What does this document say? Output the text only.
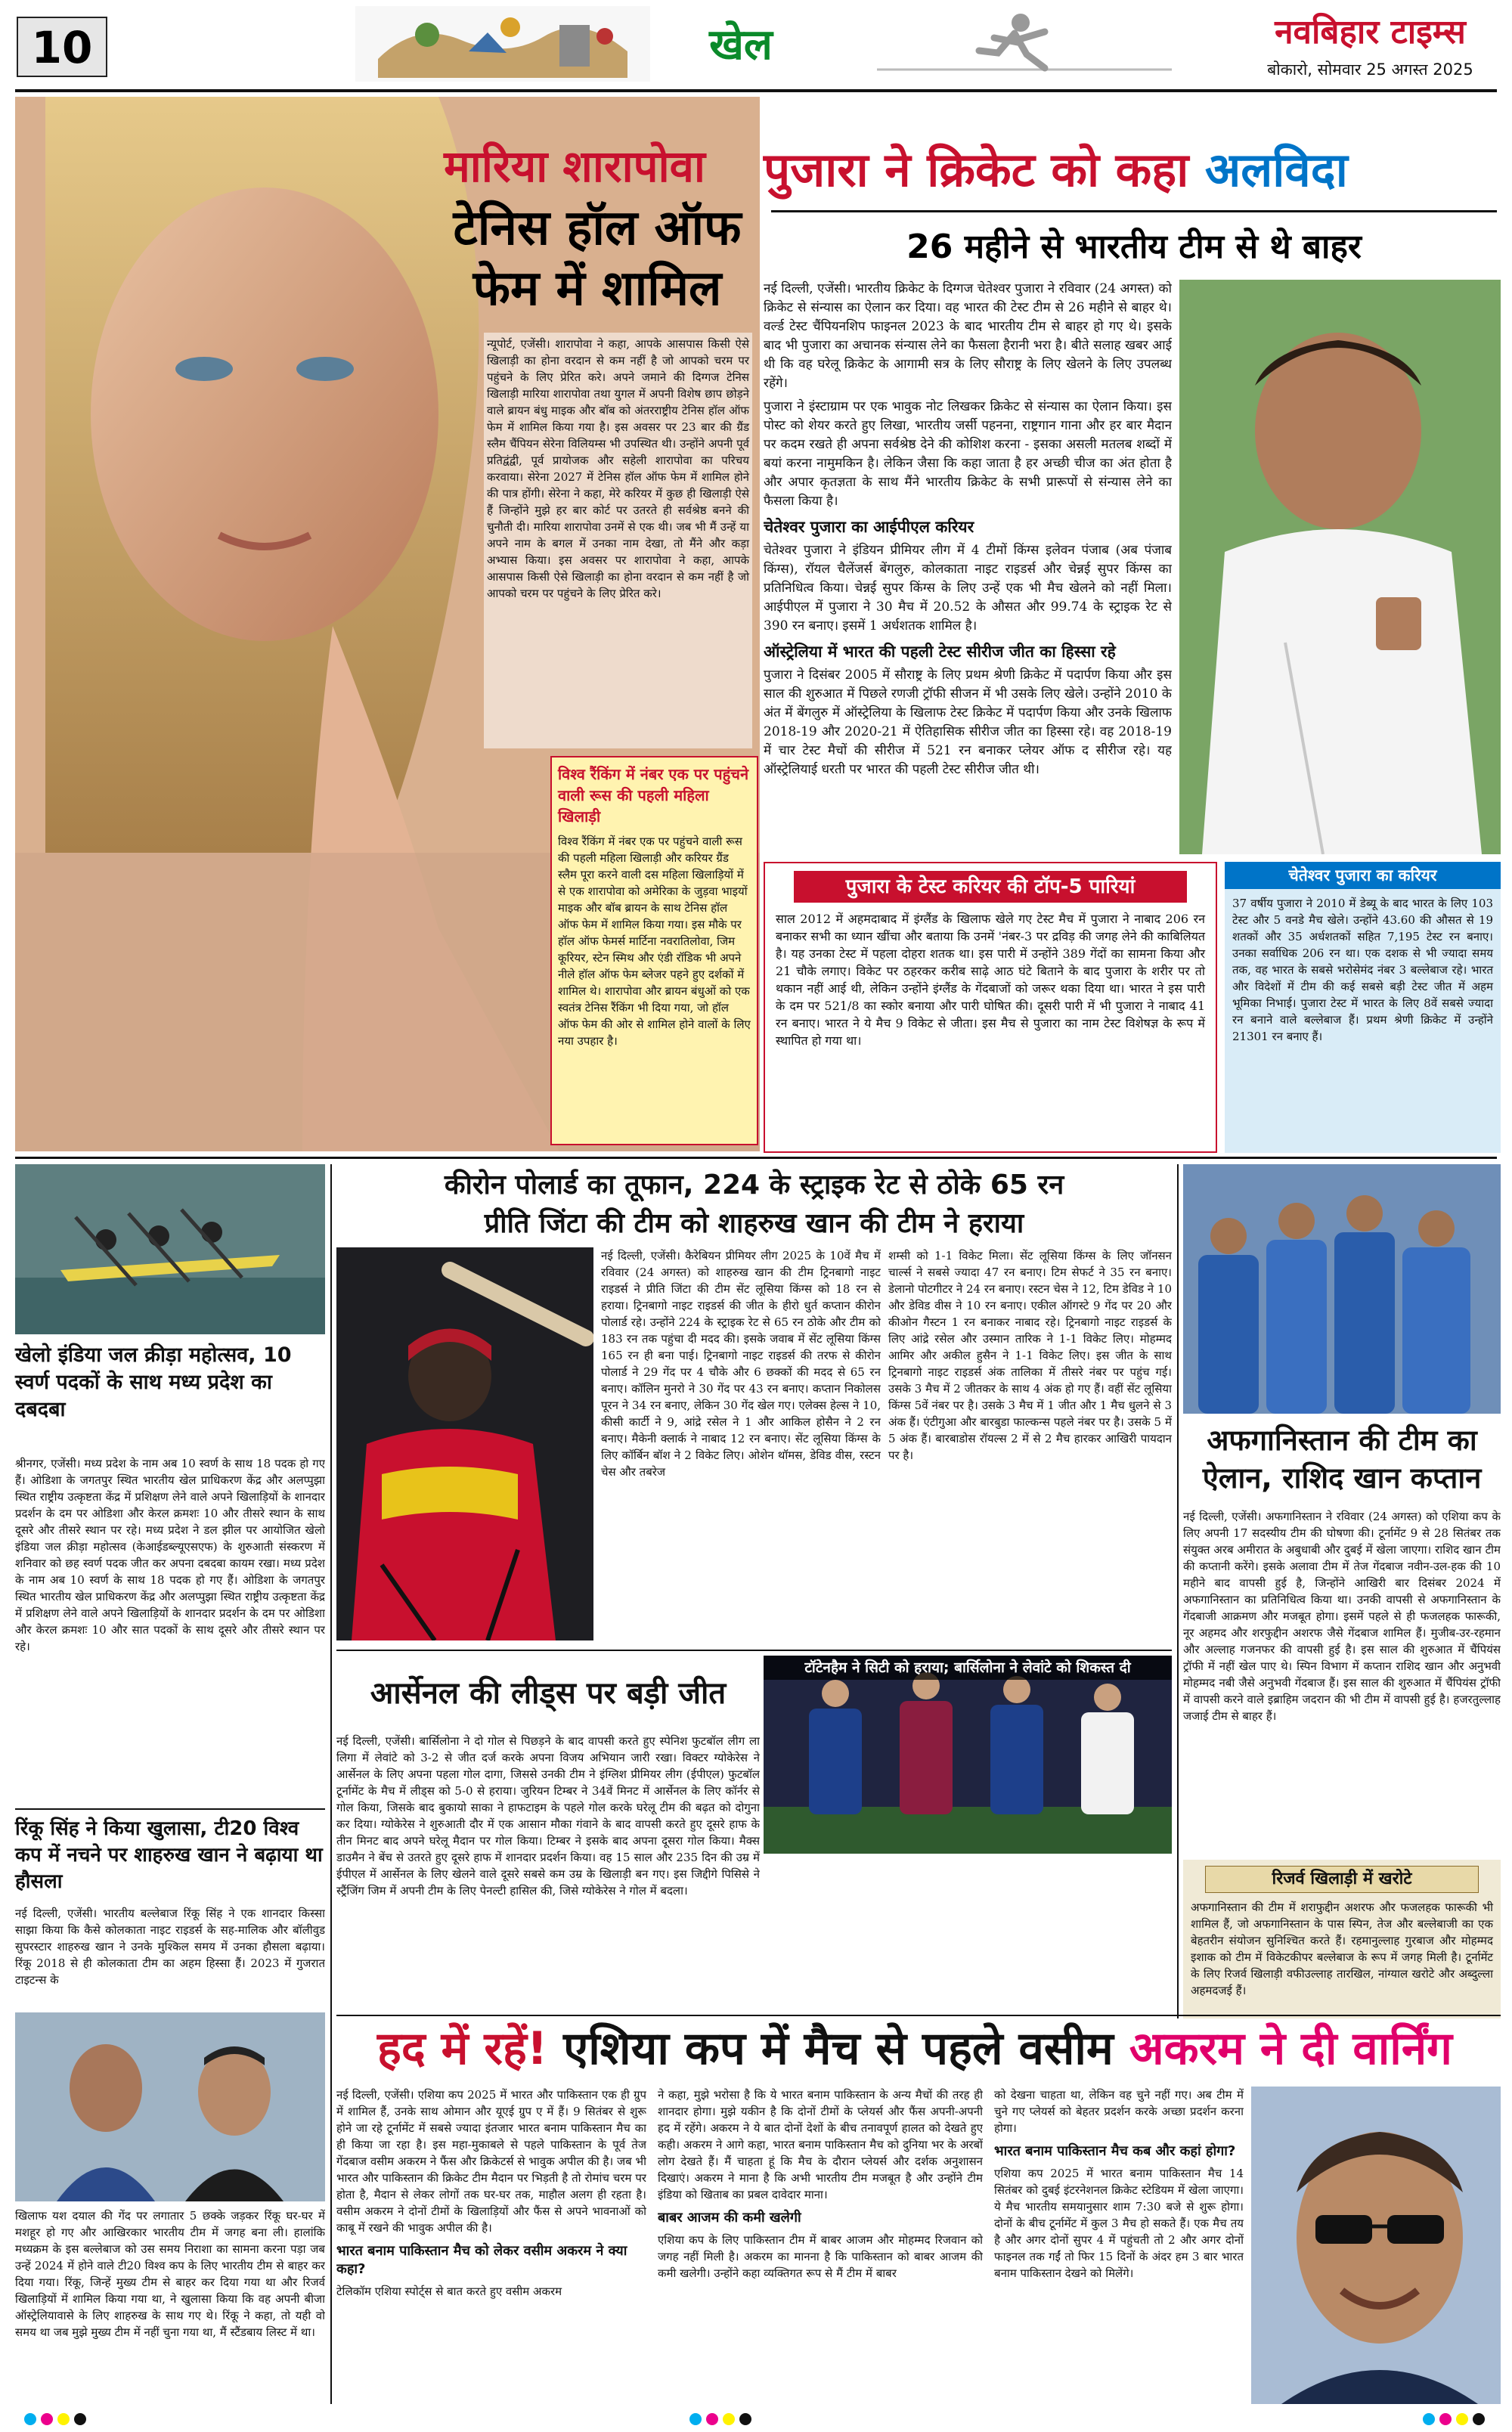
10	खेल	नवबिहार टाइम्स
बोकारो, सोमवार 25 अगस्त 2025
मारिया शारापोवा
टेनिस हॉल ऑफ फेम में शामिल

न्यूपोर्ट, एजेंसी। शारापोवा ने कहा, आपके आसपास किसी ऐसे खिलाड़ी का होना वरदान से कम नहीं है जो आपको चरम पर पहुंचने के लिए प्रेरित करे। अपने जमाने की दिग्गज टेनिस खिलाड़ी मारिया शारापोवा तथा युगल में अपनी विशेष छाप छोड़ने वाले ब्रायन बंधु माइक और बॉब को अंतरराष्ट्रीय टेनिस हॉल ऑफ फेम में शामिल किया गया है। इस अवसर पर 23 बार की ग्रैंड स्लैम चैंपियन सेरेना विलियम्स भी उपस्थित थी। उन्होंने अपनी पूर्व प्रतिद्वंद्वी, पूर्व प्रायोजक और सहेली शारापोवा का परिचय करवाया। सेरेना 2027 में टेनिस हॉल ऑफ फेम में शामिल होने की पात्र होंगी। सेरेना ने कहा, मेरे करियर में कुछ ही खिलाड़ी ऐसे हैं जिन्होंने मुझे हर बार कोर्ट पर उतरते ही सर्वश्रेष्ठ बनने की चुनौती दी। मारिया शारापोवा उनमें से एक थी। जब भी मैं उन्हें या अपने नाम के बगल में उनका नाम देखा, तो मैंने और कड़ा अभ्यास किया। इस अवसर पर शारापोवा ने कहा, आपके आसपास किसी ऐसे खिलाड़ी का होना वरदान से कम नहीं है जो आपको चरम पर पहुंचने के लिए प्रेरित करे।

विश्व रैंकिंग में नंबर एक पर पहुंचने वाली रूस की पहली महिला खिलाड़ी
विश्व रैंकिंग में नंबर एक पर पहुंचने वाली रूस की पहली महिला खिलाड़ी और करियर ग्रैंड स्लैम पूरा करने वाली दस महिला खिलाड़ियों में से एक शारापोवा को अमेरिका के जुड़वा भाइयों माइक और बॉब ब्रायन के साथ टेनिस हॉल ऑफ फेम में शामिल किया गया। इस मौके पर हॉल ऑफ फेमर्स मार्टिना नवरातिलोवा, जिम कूरियर, स्टेन स्मिथ और एंडी रॉडिक भी अपने नीले हॉल ऑफ फेम ब्लेजर पहने हुए दर्शकों में शामिल थे। शारापोवा और ब्रायन बंधुओं को एक स्वतंत्र टेनिस रैंकिंग भी दिया गया, जो हॉल ऑफ फेम की ओर से शामिल होने वालों के लिए नया उपहार है।
पुजारा ने क्रिकेट को कहा अलविदा
26 महीने से भारतीय टीम से थे बाहर

नई दिल्ली, एजेंसी। भारतीय क्रिकेट के दिग्गज चेतेश्वर पुजारा ने रविवार (24 अगस्त) को क्रिकेट से संन्यास का ऐलान कर दिया। वह भारत की टेस्ट टीम से 26 महीने से बाहर थे। वर्ल्ड टेस्ट चैंपियनशिप फाइनल 2023 के बाद भारतीय टीम से बाहर हो गए थे। इसके बाद भी पुजारा का अचानक संन्यास लेने का फैसला हैरानी भरा है। बीते सलाह खबर आई थी कि वह घरेलू क्रिकेट के आगामी सत्र के लिए सौराष्ट्र के लिए खेलने के लिए उपलब्ध रहेंगे।

पुजारा ने इंस्टाग्राम पर एक भावुक नोट लिखकर क्रिकेट से संन्यास का ऐलान किया। इस पोस्ट को शेयर करते हुए लिखा, भारतीय जर्सी पहनना, राष्ट्रगान गाना और हर बार मैदान पर कदम रखते ही अपना सर्वश्रेष्ठ देने की कोशिश करना - इसका असली मतलब शब्दों में बयां करना नामुमकिन है। लेकिन जैसा कि कहा जाता है हर अच्छी चीज का अंत होता है और अपार कृतज्ञता के साथ मैंने भारतीय क्रिकेट के सभी प्रारूपों से संन्यास लेने का फैसला किया है।

चेतेश्वर पुजारा का आईपीएल करियर

चेतेश्वर पुजारा ने इंडियन प्रीमियर लीग में 4 टीमों किंग्स इलेवन पंजाब (अब पंजाब किंग्स), रॉयल चैलेंजर्स बेंगलुरु, कोलकाता नाइट राइडर्स और चेन्नई सुपर किंग्स का प्रतिनिधित्व किया। चेन्नई सुपर किंग्स के लिए उन्हें एक भी मैच खेलने को नहीं मिला। आईपीएल में पुजारा ने 30 मैच में 20.52 के औसत और 99.74 के स्ट्राइक रेट से 390 रन बनाए। इसमें 1 अर्धशतक शामिल है।

ऑस्ट्रेलिया में भारत की पहली टेस्ट सीरीज जीत का हिस्सा रहे

पुजारा ने दिसंबर 2005 में सौराष्ट्र के लिए प्रथम श्रेणी क्रिकेट में पदार्पण किया और इस साल की शुरुआत में पिछले रणजी ट्रॉफी सीजन में भी उसके लिए खेले। उन्होंने 2010 के अंत में बेंगलुरु में ऑस्ट्रेलिया के खिलाफ टेस्ट क्रिकेट में पदार्पण किया और उनके खिलाफ 2018-19 और 2020-21 में ऐतिहासिक सीरीज जीत का हिस्सा रहे। वह 2018-19 में चार टेस्ट मैचों की सीरीज में 521 रन बनाकर प्लेयर ऑफ द सीरीज रहे। यह ऑस्ट्रेलियाई धरती पर भारत की पहली टेस्ट सीरीज जीत थी।

पुजारा के टेस्ट करियर की टॉप-5 पारियां

साल 2012 में अहमदाबाद में इंग्लैंड के खिलाफ खेले गए टेस्ट मैच में पुजारा ने नाबाद 206 रन बनाकर सभी का ध्यान खींचा और बताया कि उनमें 'नंबर-3 पर द्रविड़ की जगह लेने की काबिलियत है। यह उनका टेस्ट में पहला दोहरा शतक था। इस पारी में उन्होंने 389 गेंदों का सामना किया और 21 चौके लगाए। विकेट पर ठहरकर करीब साढ़े आठ घंटे बिताने के बाद पुजारा के शरीर पर तो थकान नहीं आई थी, लेकिन उन्होंने इंग्लैंड के गेंदबाजों को जरूर थका दिया था। भारत ने इस पारी के दम पर 521/8 का स्कोर बनाया और पारी घोषित की। दूसरी पारी में भी पुजारा ने नाबाद 41 रन बनाए। भारत ने ये मैच 9 विकेट से जीता। इस मैच से पुजारा का नाम टेस्ट विशेषज्ञ के रूप में स्थापित हो गया था।

चेतेश्वर पुजारा का करियर

37 वर्षीय पुजारा ने 2010 में डेब्यू के बाद भारत के लिए 103 टेस्ट और 5 वनडे मैच खेले। उन्होंने 43.60 की औसत से 19 शतकों और 35 अर्धशतकों सहित 7,195 टेस्ट रन बनाए। उनका सर्वाधिक 206 रन था। एक दशक से भी ज्यादा समय तक, वह भारत के सबसे भरोसेमंद नंबर 3 बल्लेबाज रहे। भारत और विदेशों में टीम की कई सबसे बड़ी टेस्ट जीत में अहम भूमिका निभाई। पुजारा टेस्ट में भारत के लिए 8वें सबसे ज्यादा रन बनाने वाले बल्लेबाज हैं। प्रथम श्रेणी क्रिकेट में उन्होंने 21301 रन बनाए हैं।

खेलो इंडिया जल क्रीड़ा महोत्सव, 10 स्वर्ण पदकों के साथ मध्य प्रदेश का दबदबा

श्रीनगर, एजेंसी। मध्य प्रदेश के नाम अब 10 स्वर्ण के साथ 18 पदक हो गए हैं। ओडिशा के जगतपुर स्थित भारतीय खेल प्राधिकरण केंद्र और अलप्पुझा स्थित राष्ट्रीय उत्कृष्टता केंद्र में प्रशिक्षण लेने वाले अपने खिलाड़ियों के शानदार प्रदर्शन के दम पर ओडिशा और केरल क्रमशः 10 और तीसरे स्थान के साथ दूसरे और तीसरे स्थान पर रहे। मध्य प्रदेश ने डल झील पर आयोजित खेलो इंडिया जल क्रीड़ा महोत्सव (केआईडब्ल्यूएसएफ) के शुरुआती संस्करण में शनिवार को छह स्वर्ण पदक जीत कर अपना दबदबा कायम रखा। मध्य प्रदेश के नाम अब 10 स्वर्ण के साथ 18 पदक हो गए हैं। ओडिशा के जगतपुर स्थित भारतीय खेल प्राधिकरण केंद्र और अलप्पुझा स्थित राष्ट्रीय उत्कृष्टता केंद्र में प्रशिक्षण लेने वाले अपने खिलाड़ियों के शानदार प्रदर्शन के दम पर ओडिशा और केरल क्रमशः 10 और सात पदकों के साथ दूसरे और तीसरे स्थान पर रहे।

रिंकू सिंह ने किया खुलासा, टी20 विश्व कप में नचने पर शाहरुख खान ने बढ़ाया था हौसला

नई दिल्ली, एजेंसी। भारतीय बल्लेबाज रिंकू सिंह ने एक शानदार किस्सा साझा किया कि कैसे कोलकाता नाइट राइडर्स के सह-मालिक और बॉलीवुड सुपरस्टार शाहरुख खान ने उनके मुश्किल समय में उनका हौसला बढ़ाया। रिंकू 2018 से ही कोलकाता टीम का अहम हिस्सा हैं। 2023 में गुजरात टाइटन्स के

खिलाफ यश दयाल की गेंद पर लगातार 5 छक्के जड़कर रिंकू घर-घर में मशहूर हो गए और आखिरकार भारतीय टीम में जगह बना ली। हालांकि मध्यक्रम के इस बल्लेबाज को उस समय निराशा का सामना करना पड़ा जब उन्हें 2024 में होने वाले टी20 विश्व कप के लिए भारतीय टीम से बाहर कर दिया गया। रिंकू, जिन्हें मुख्य टीम से बाहर कर दिया गया था और रिजर्व खिलाड़ियों में शामिल किया गया था, ने खुलासा किया कि वह अपनी बीजा ऑस्ट्रेलियावासे के लिए शाहरुख के साथ गए थे। रिंकू ने कहा, तो यही वो समय था जब मुझे मुख्य टीम में नहीं चुना गया था, मैं स्टैंडबाय लिस्ट में था।

कीरोन पोलार्ड का तूफान, 224 के स्ट्राइक रेट से ठोके 65 रन
प्रीति जिंटा की टीम को शाहरुख खान की टीम ने हराया

नई दिल्ली, एजेंसी। कैरेबियन प्रीमियर लीग 2025 के 10वें मैच में रविवार (24 अगस्त) को शाहरुख खान की टीम ट्रिनबागो नाइट राइडर्स ने प्रीति जिंटा की टीम सेंट लूसिया किंग्स को 18 रन से हराया। ट्रिनबागो नाइट राइडर्स की जीत के हीरो धुर्त कप्तान कीरोन पोलार्ड रहे। उन्होंने 224 के स्ट्राइक रेट से 65 रन ठोके और टीम को 183 रन तक पहुंचा दी मदद की। इसके जवाब में सेंट लूसिया किंग्स 165 रन ही बना पाई। ट्रिनबागो नाइट राइडर्स की तरफ से कीरोन पोलार्ड ने 29 गेंद पर 4 चौके और 6 छक्कों की मदद से 65 रन बनाए। कॉलिन मुनरो ने 30 गेंद पर 43 रन बनाए। कप्तान निकोलस पूरन ने 34 रन बनाए, लेकिन 30 गेंद खेल गए। एलेक्स हेल्स ने 10, कीसी कार्टी ने 9, आंद्रे रसेल ने 1 और आकिल होसैन ने 2 रन बनाए। मैकेनी क्लार्क ने नाबाद 12 रन बनाए। सेंट लूसिया किंग्स के लिए कॉर्बिन बॉश ने 2 विकेट लिए। ओशेन थॉमस, डेविड वीस, रस्टन चेस और तबरेज

शम्सी को 1-1 विकेट मिला। सेंट लूसिया किंग्स के लिए जॉनसन चार्ल्स ने सबसे ज्यादा 47 रन बनाए। टिम सेफर्ट ने 35 रन बनाए। डेलानो पोटगीटर ने 24 रन बनाए। रस्टन चेस ने 12, टिम डेविड ने 10 और डेविड वीस ने 10 रन बनाए। एकील ऑगस्टे 9 गेंद पर 20 और कीओन गैस्टन 1 रन बनाकर नाबाद रहे। ट्रिनबागो नाइट राइडर्स के लिए आंद्रे रसेल और उस्मान तारिक ने 1-1 विकेट लिए। मोहम्मद आमिर और अकील हुसैन ने 1-1 विकेट लिए। इस जीत के साथ ट्रिनबागो नाइट राइडर्स अंक तालिका में तीसरे नंबर पर पहुंच गई। उसके 3 मैच में 2 जीतकर के साथ 4 अंक हो गए हैं। वहीं सेंट लूसिया किंग्स 5वें नंबर पर है। उसके 3 मैच में 1 जीत और 1 मैच धुलने से 3 अंक हैं। एंटीगुआ और बारबुडा फाल्कन्स पहले नंबर पर है। उसके 5 में 5 अंक हैं। बारबाडोस रॉयल्स 2 में से 2 मैच हारकर आखिरी पायदान पर है।

आर्सेनल की लीड्स पर बड़ी जीत
टॉटेनहैम ने सिटी को हराया; बार्सिलोना ने लेवांटे को शिकस्त दी

नई दिल्ली, एजेंसी। बार्सिलोना ने दो गोल से पिछड़ने के बाद वापसी करते हुए स्पेनिश फुटबॉल लीग ला लिगा में लेवांटे को 3-2 से जीत दर्ज करके अपना विजय अभियान जारी रखा। विक्टर ग्योकेरेस ने आर्सेनल के लिए अपना पहला गोल दागा, जिससे उनकी टीम ने इंग्लिश प्रीमियर लीग (ईपीएल) फुटबॉल टूर्नामेंट के मैच में लीड्स को 5-0 से हराया। जुरियन टिम्बर ने 34वें मिनट में आर्सेनल के लिए कॉर्नर से गोल किया, जिसके बाद बुकायो साका ने हाफटाइम के पहले गोल करके घरेलू टीम की बढ़त को दोगुना कर दिया। ग्योकेरेस ने शुरुआती दौर में एक आसान मौका गंवाने के बाद वापसी करते हुए दूसरे हाफ के तीन मिनट बाद अपने घरेलू मैदान पर गोल किया। टिम्बर ने इसके बाद अपना दूसरा गोल किया। मैक्स डाउमैन ने बेंच से उतरते हुए दूसरे हाफ में शानदार प्रदर्शन किया। वह 15 साल और 235 दिन की उम्र में ईपीएल में आर्सेनल के लिए खेलने वाले दूसरे सबसे कम उम्र के खिलाड़ी बन गए। इस जिद्दीगे पिसिसे ने स्ट्रैंजिंग जिम में अपनी टीम के लिए पेनल्टी हासिल की, जिसे ग्योकेरेस ने गोल में बदला।

अफगानिस्तान की टीम का ऐलान, राशिद खान कप्तान

नई दिल्ली, एजेंसी। अफगानिस्तान ने रविवार (24 अगस्त) को एशिया कप के लिए अपनी 17 सदस्यीय टीम की घोषणा की। टूर्नामेंट 9 से 28 सितंबर तक संयुक्त अरब अमीरात के अबुधाबी और दुबई में खेला जाएगा। राशिद खान टीम की कप्तानी करेंगे। इसके अलावा टीम में तेज गेंदबाज नवीन-उल-हक की 10 महीने बाद वापसी हुई है, जिन्होंने आखिरी बार दिसंबर 2024 में अफगानिस्तान का प्रतिनिधित्व किया था। उनकी वापसी से अफगानिस्तान के गेंदबाजी आक्रमण और मजबूत होगा। इसमें पहले से ही फजलहक फारूकी, नूर अहमद और शरफुद्दीन अशरफ जैसे गेंदबाज शामिल हैं। मुजीब-उर-रहमान और अल्लाह गजनफर की वापसी हुई है। इस साल की शुरुआत में चैंपियंस ट्रॉफी में नहीं खेल पाए थे। स्पिन विभाग में कप्तान राशिद खान और अनुभवी मोहम्मद नबी जैसे अनुभवी गेंदबाज हैं। इस साल की शुरुआत में चैंपियंस ट्रॉफी में वापसी करने वाले इब्राहिम जदरान की भी टीम में वापसी हुई है। हजरतुल्लाह जजाई टीम से बाहर हैं।

रिजर्व खिलाड़ी में खरोटे

अफगानिस्तान की टीम में शराफुद्दीन अशरफ और फजलहक फारूकी भी शामिल हैं, जो अफगानिस्तान के पास स्पिन, तेज और बल्लेबाजी का एक बेहतरीन संयोजन सुनिश्चित करते हैं। रहमानुल्लाह गुरबाज और मोहम्मद इशाक को टीम में विकेटकीपर बल्लेबाज के रूप में जगह मिली है। टूर्नामेंट के लिए रिजर्व खिलाड़ी वफीउल्लाह तारखिल, नांग्याल खरोटे और अब्दुल्ला अहमदजई हैं।

हद में रहें! एशिया कप में मैच से पहले वसीम अकरम ने दी वार्निंग

नई दिल्ली, एजेंसी। एशिया कप 2025 में भारत और पाकिस्तान एक ही ग्रुप में शामिल हैं, उनके साथ ओमान और यूएई ग्रुप ए में हैं। 9 सितंबर से शुरू होने जा रहे टूर्नामेंट में सबसे ज्यादा इंतजार भारत बनाम पाकिस्तान मैच का ही किया जा रहा है। इस महा-मुकाबले से पहले पाकिस्तान के पूर्व तेज गेंदबाज वसीम अकरम ने फैंस और क्रिकेटर्स से भावुक अपील की है। जब भी भारत और पाकिस्तान की क्रिकेट टीम मैदान पर भिड़ती है तो रोमांच चरम पर होता है, मैदान से लेकर लोगों तक घर-घर तक, माहौल अलग ही रहता है। वसीम अकरम ने दोनों टीमों के खिलाड़ियों और फैंस से अपने भावनाओं को काबू में रखने की भावुक अपील की है।

भारत बनाम पाकिस्तान मैच को लेकर वसीम अकरम ने क्या कहा?

टेलिकॉम एशिया स्पोर्ट्स से बात करते हुए वसीम अकरम

ने कहा, मुझे भरोसा है कि ये भारत बनाम पाकिस्तान के अन्य मैचों की तरह ही शानदार होगा। मुझे यकीन है कि दोनों टीमों के प्लेयर्स और फैंस अपनी-अपनी हद में रहेंगे। अकरम ने ये बात दोनों देशों के बीच तनावपूर्ण हालत को देखते हुए कही। अकरम ने आगे कहा, भारत बनाम पाकिस्तान मैच को दुनिया भर के अरबों लोग देखते हैं। मैं चाहता हूं कि मैच के दौरान प्लेयर्स और दर्शक अनुशासन दिखाएं। अकरम ने माना है कि अभी भारतीय टीम मजबूत है और उन्होंने टीम इंडिया को खिताब का प्रबल दावेदार माना।

बाबर आजम की कमी खलेगी

एशिया कप के लिए पाकिस्तान टीम में बाबर आजम और मोहम्मद रिजवान को जगह नहीं मिली है। अकरम का मानना है कि पाकिस्तान को बाबर आजम की कमी खलेगी। उन्होंने कहा व्यक्तिगत रूप से मैं टीम में बाबर

को देखना चाहता था, लेकिन वह चुने नहीं गए। अब टीम में चुने गए प्लेयर्स को बेहतर प्रदर्शन करके अच्छा प्रदर्शन करना होगा।

भारत बनाम पाकिस्तान मैच कब और कहां होगा?

एशिया कप 2025 में भारत बनाम पाकिस्तान मैच 14 सितंबर को दुबई इंटरनेशनल क्रिकेट स्टेडियम में खेला जाएगा। ये मैच भारतीय समयानुसार शाम 7:30 बजे से शुरू होगा। दोनों के बीच टूर्नामेंट में कुल 3 मैच हो सकते हैं। एक मैच तय है और अगर दोनों सुपर 4 में पहुंचती तो 2 और अगर दोनों फाइनल तक गईं तो फिर 15 दिनों के अंदर हम 3 बार भारत बनाम पाकिस्तान देखने को मिलेंगे।
